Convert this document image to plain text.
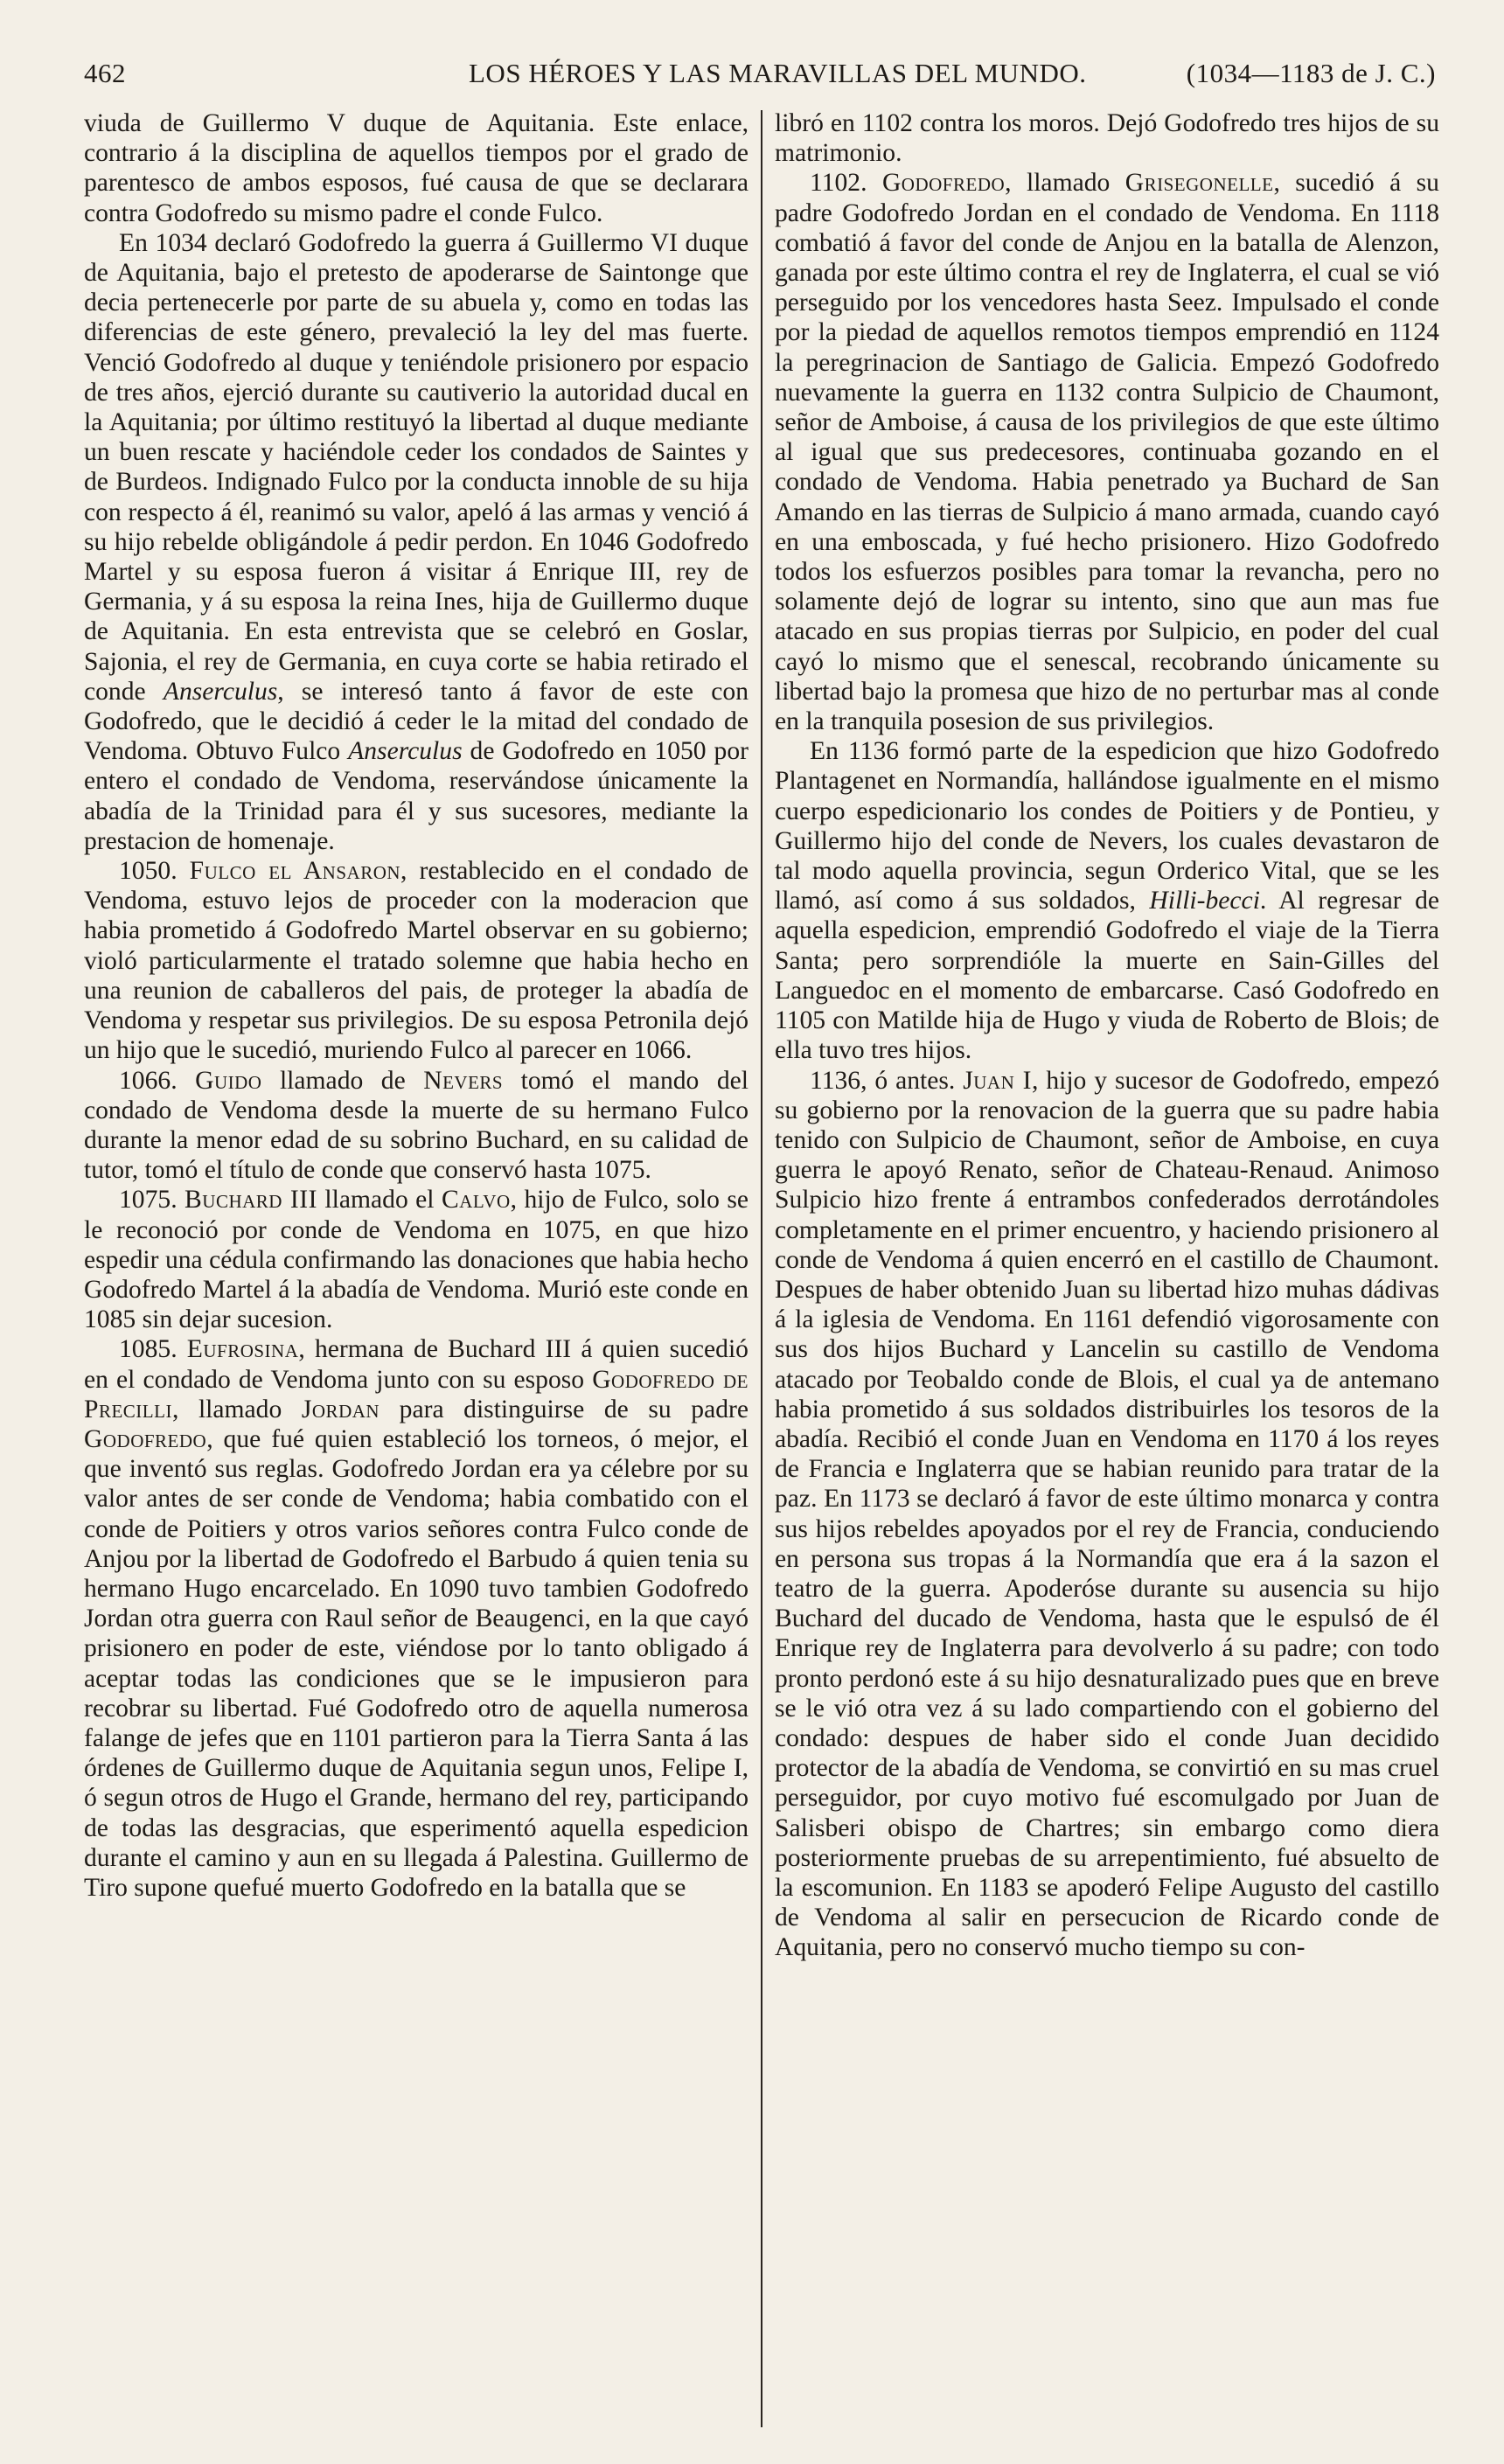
462	LOS HÉROES Y LAS MARAVILLAS DEL MUNDO.	(1034—1183 de J. C.)

viuda de Guillermo V duque de Aquitania. Este enlace, contrario á la disciplina de aquellos tiempos por el grado de parentesco de ambos esposos, fué causa de que se declarara contra Godofredo su mismo padre el conde Fulco.

En 1034 declaró Godofredo la guerra á Guillermo VI duque de Aquitania, bajo el pretesto de apoderarse de Saintonge que decia pertenecerle por parte de su abuela y, como en todas las diferencias de este género, prevaleció la ley del mas fuerte. Venció Godofredo al duque y teniéndole prisionero por espacio de tres años, ejerció durante su cautiverio la autoridad ducal en la Aquitania; por último restituyó la libertad al duque mediante un buen rescate y haciéndole ceder los condados de Saintes y de Burdeos. Indignado Fulco por la conducta innoble de su hija con respecto á él, reanimó su valor, apeló á las armas y venció á su hijo rebelde obligándole á pedir perdon. En 1046 Godofredo Martel y su esposa fueron á visitar á Enrique III, rey de Germania, y á su esposa la reina Ines, hija de Guillermo duque de Aquitania. En esta entrevista que se celebró en Goslar, Sajonia, el rey de Germania, en cuya corte se habia retirado el conde Anserculus, se interesó tanto á favor de este con Godofredo, que le decidió á ceder le la mitad del condado de Vendoma. Obtuvo Fulco Anserculus de Godofredo en 1050 por entero el condado de Vendoma, reservándose únicamente la abadía de la Trinidad para él y sus sucesores, mediante la prestacion de homenaje.

1050. Fulco el Ansaron, restablecido en el condado de Vendoma, estuvo lejos de proceder con la moderacion que habia prometido á Godofredo Martel observar en su gobierno; violó particularmente el tratado solemne que habia hecho en una reunion de caballeros del pais, de proteger la abadía de Vendoma y respetar sus privilegios. De su esposa Petronila dejó un hijo que le sucedió, muriendo Fulco al parecer en 1066.

1066. Guido llamado de Nevers tomó el mando del condado de Vendoma desde la muerte de su hermano Fulco durante la menor edad de su sobrino Buchard, en su calidad de tutor, tomó el título de conde que conservó hasta 1075.

1075. Buchard III llamado el Calvo, hijo de Fulco, solo se le reconoció por conde de Vendoma en 1075, en que hizo espedir una cédula confirmando las donaciones que habia hecho Godofredo Martel á la abadía de Vendoma. Murió este conde en 1085 sin dejar sucesion.

1085. Eufrosina, hermana de Buchard III á quien sucedió en el condado de Vendoma junto con su esposo Godofredo de Precilli, llamado Jordan para distinguirse de su padre Godofredo, que fué quien estableció los torneos, ó mejor, el que inventó sus reglas. Godofredo Jordan era ya célebre por su valor antes de ser conde de Vendoma; habia combatido con el conde de Poitiers y otros varios señores contra Fulco conde de Anjou por la libertad de Godofredo el Barbudo á quien tenia su hermano Hugo encarcelado. En 1090 tuvo tambien Godofredo Jordan otra guerra con Raul señor de Beaugenci, en la que cayó prisionero en poder de este, viéndose por lo tanto obligado á aceptar todas las condiciones que se le impusieron para recobrar su libertad. Fué Godofredo otro de aquella numerosa falange de jefes que en 1101 partieron para la Tierra Santa á las órdenes de Guillermo duque de Aquitania segun unos, Felipe I, ó segun otros de Hugo el Grande, hermano del rey, participando de todas las desgracias, que esperimentó aquella espedicion durante el camino y aun en su llegada á Palestina. Guillermo de Tiro supone quefué muerto Godofredo en la batalla que se

libró en 1102 contra los moros. Dejó Godofredo tres hijos de su matrimonio.

1102. Godofredo, llamado Grisegonelle, sucedió á su padre Godofredo Jordan en el condado de Vendoma. En 1118 combatió á favor del conde de Anjou en la batalla de Alenzon, ganada por este último contra el rey de Inglaterra, el cual se vió perseguido por los vencedores hasta Seez. Impulsado el conde por la piedad de aquellos remotos tiempos emprendió en 1124 la peregrinacion de Santiago de Galicia. Empezó Godofredo nuevamente la guerra en 1132 contra Sulpicio de Chaumont, señor de Amboise, á causa de los privilegios de que este último al igual que sus predecesores, continuaba gozando en el condado de Vendoma. Habia penetrado ya Buchard de San Amando en las tierras de Sulpicio á mano armada, cuando cayó en una emboscada, y fué hecho prisionero. Hizo Godofredo todos los esfuerzos posibles para tomar la revancha, pero no solamente dejó de lograr su intento, sino que aun mas fue atacado en sus propias tierras por Sulpicio, en poder del cual cayó lo mismo que el senescal, recobrando únicamente su libertad bajo la promesa que hizo de no perturbar mas al conde en la tranquila posesion de sus privilegios.

En 1136 formó parte de la espedicion que hizo Godofredo Plantagenet en Normandía, hallándose igualmente en el mismo cuerpo espedicionario los condes de Poitiers y de Pontieu, y Guillermo hijo del conde de Nevers, los cuales devastaron de tal modo aquella provincia, segun Orderico Vital, que se les llamó, así como á sus soldados, Hilli-becci. Al regresar de aquella espedicion, emprendió Godofredo el viaje de la Tierra Santa; pero sorprendióle la muerte en Sain-Gilles del Languedoc en el momento de embarcarse. Casó Godofredo en 1105 con Matilde hija de Hugo y viuda de Roberto de Blois; de ella tuvo tres hijos.

1136, ó antes. Juan I, hijo y sucesor de Godofredo, empezó su gobierno por la renovacion de la guerra que su padre habia tenido con Sulpicio de Chaumont, señor de Amboise, en cuya guerra le apoyó Renato, señor de Chateau-Renaud. Animoso Sulpicio hizo frente á entrambos confederados derrotándoles completamente en el primer encuentro, y haciendo prisionero al conde de Vendoma á quien encerró en el castillo de Chaumont. Despues de haber obtenido Juan su libertad hizo muhas dádivas á la iglesia de Vendoma. En 1161 defendió vigorosamente con sus dos hijos Buchard y Lancelin su castillo de Vendoma atacado por Teobaldo conde de Blois, el cual ya de antemano habia prometido á sus soldados distribuirles los tesoros de la abadía. Recibió el conde Juan en Vendoma en 1170 á los reyes de Francia e Inglaterra que se habian reunido para tratar de la paz. En 1173 se declaró á favor de este último monarca y contra sus hijos rebeldes apoyados por el rey de Francia, conduciendo en persona sus tropas á la Normandía que era á la sazon el teatro de la guerra. Apoderóse durante su ausencia su hijo Buchard del ducado de Vendoma, hasta que le espulsó de él Enrique rey de Inglaterra para devolverlo á su padre; con todo pronto perdonó este á su hijo desnaturalizado pues que en breve se le vió otra vez á su lado compartiendo con el gobierno del condado: despues de haber sido el conde Juan decidido protector de la abadía de Vendoma, se convirtió en su mas cruel perseguidor, por cuyo motivo fué escomulgado por Juan de Salisberi obispo de Chartres; sin embargo como diera posteriormente pruebas de su arrepentimiento, fué absuelto de la escomunion. En 1183 se apoderó Felipe Augusto del castillo de Vendoma al salir en persecucion de Ricardo conde de Aquitania, pero no conservó mucho tiempo su con-
